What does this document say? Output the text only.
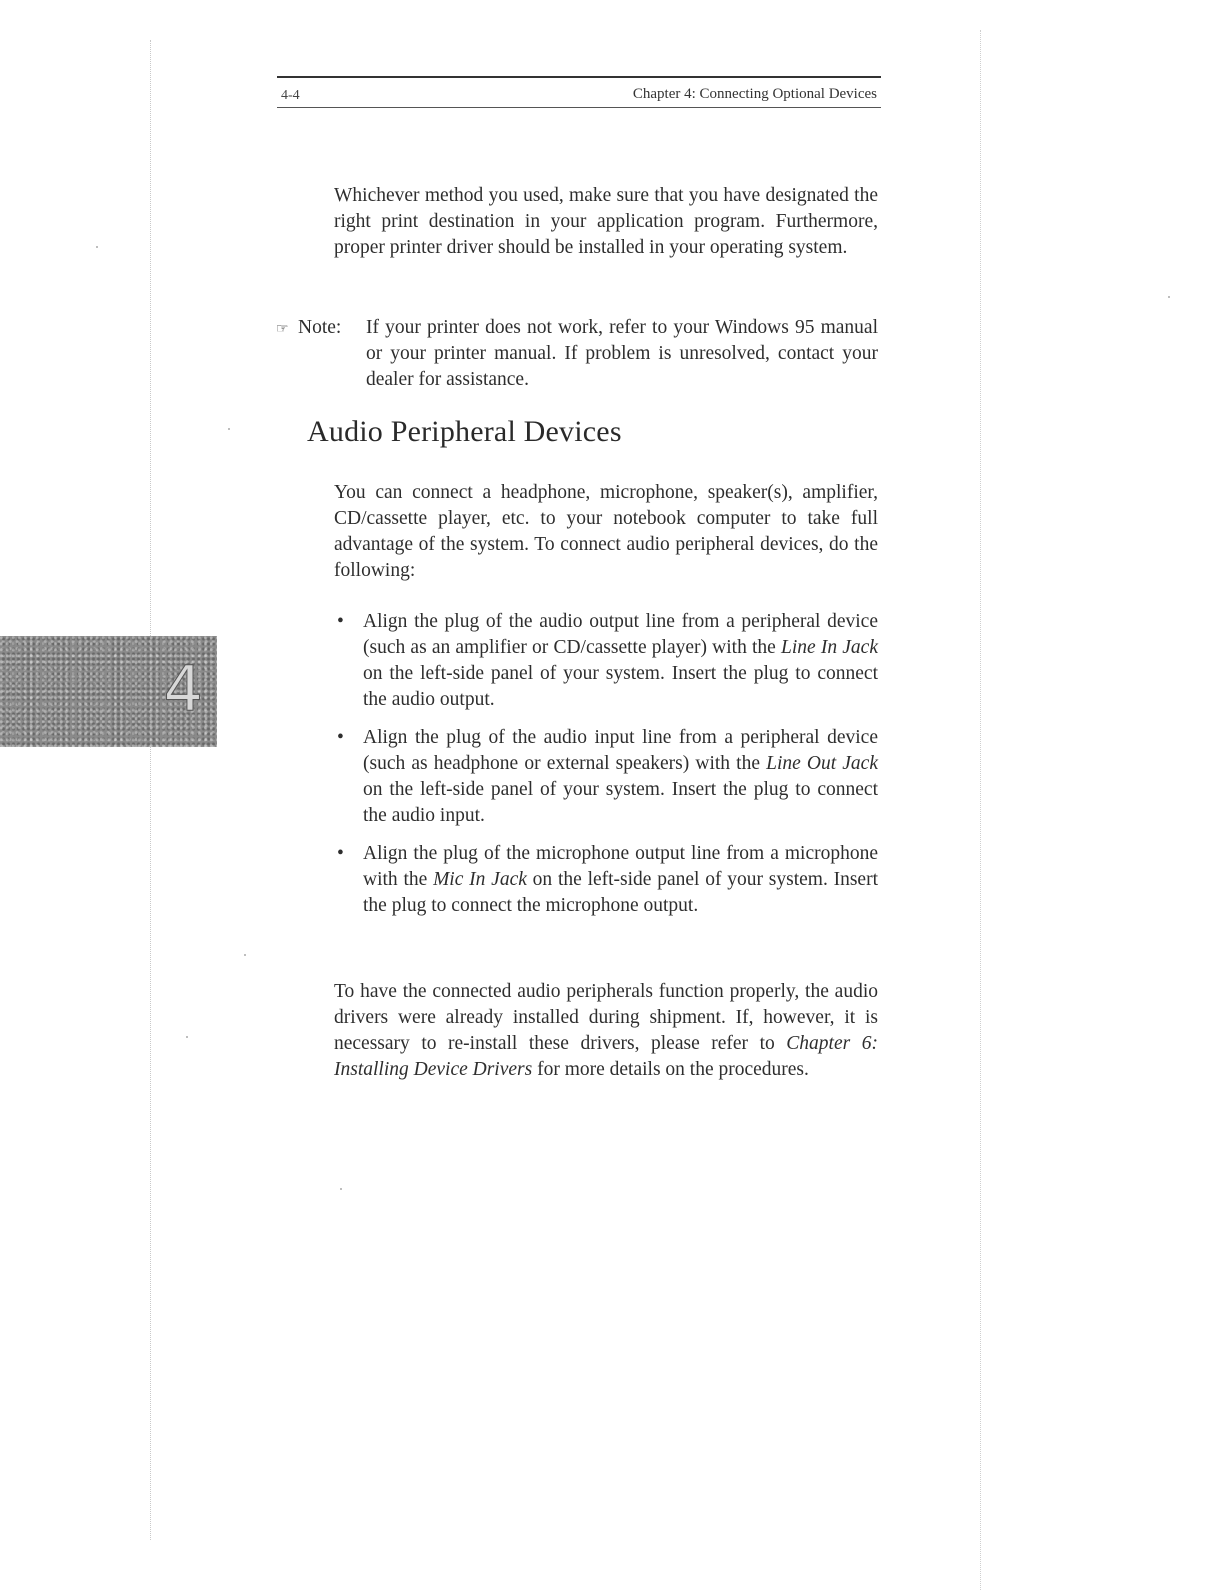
4-4	Chapter 4: Connecting Optional Devices

Whichever method you used, make sure that you have designated the right print destination in your application program. Furthermore, proper printer driver should be installed in your operating system.

☞ Note: If your printer does not work, refer to your Windows 95 manual or your printer manual. If problem is unresolved, contact your dealer for assistance.
Audio Peripheral Devices

You can connect a headphone, microphone, speaker(s), amplifier, CD/cassette player, etc. to your notebook computer to take full advantage of the system. To connect audio peripheral devices, do the following:

• Align the plug of the audio output line from a peripheral device (such as an amplifier or CD/cassette player) with the Line In Jack on the left-side panel of your system. Insert the plug to connect the audio output.
• Align the plug of the audio input line from a peripheral device (such as headphone or external speakers) with the Line Out Jack on the left-side panel of your system. Insert the plug to connect the audio input.
• Align the plug of the microphone output line from a microphone with the Mic In Jack on the left-side panel of your system. Insert the plug to connect the microphone output.

To have the connected audio peripherals function properly, the audio drivers were already installed during shipment. If, however, it is necessary to re-install these drivers, please refer to Chapter 6: Installing Device Drivers for more details on the procedures.

4
